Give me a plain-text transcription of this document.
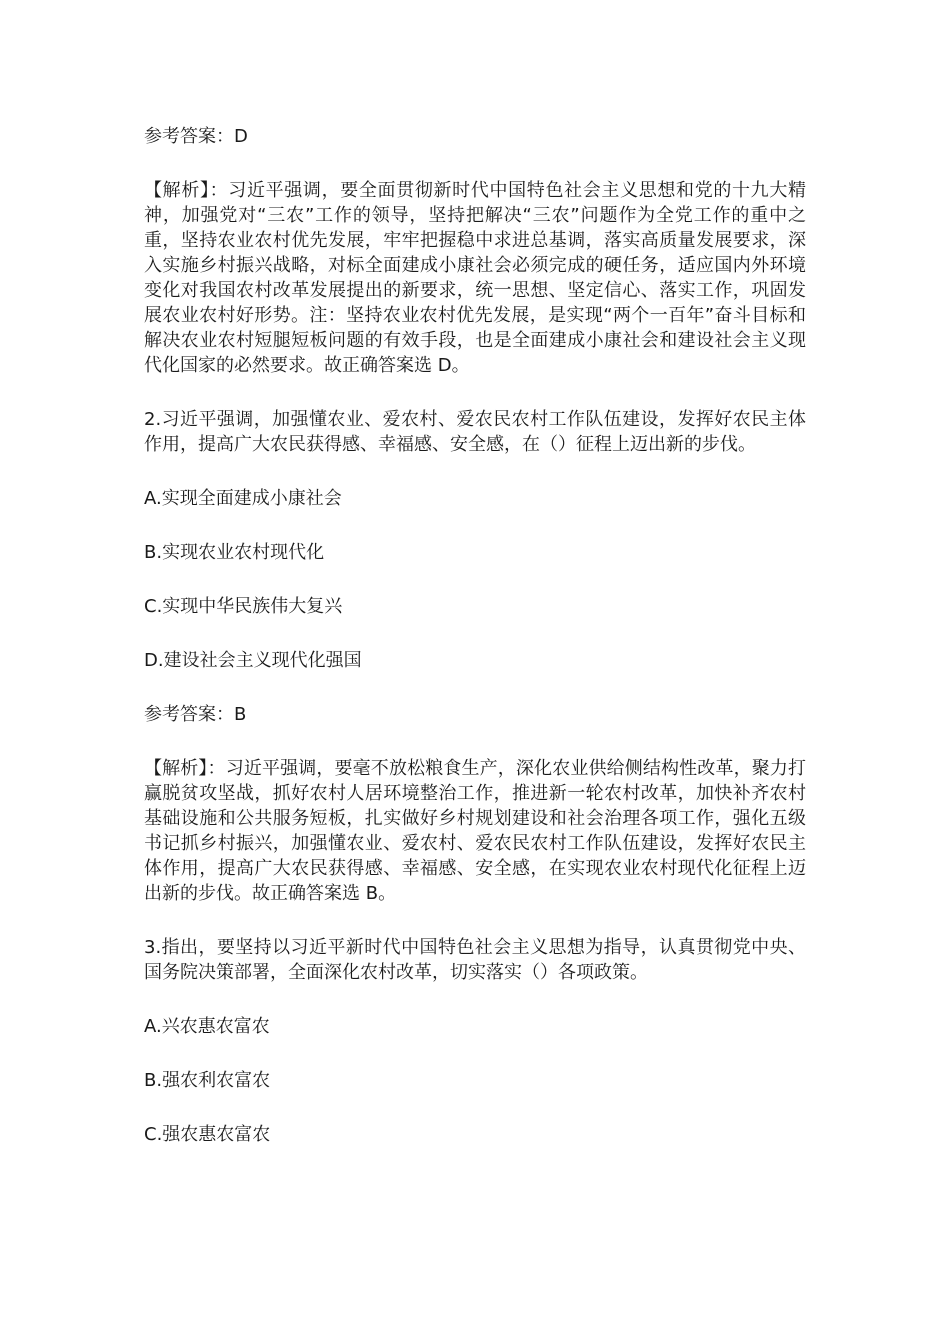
参考答案：D

【解析】：习近平强调，要全面贯彻新时代中国特色社会主义思想和党的十九大精神，加强党对“三农”工作的领导，坚持把解决“三农”问题作为全党工作的重中之重，坚持农业农村优先发展，牢牢把握稳中求进总基调，落实高质量发展要求，深入实施乡村振兴战略，对标全面建成小康社会必须完成的硬任务，适应国内外环境变化对我国农村改革发展提出的新要求，统一思想、坚定信心、落实工作，巩固发展农业农村好形势。注：坚持农业农村优先发展，是实现“两个一百年”奋斗目标和解决农业农村短腿短板问题的有效手段，也是全面建成小康社会和建设社会主义现代化国家的必然要求。故正确答案选 D。

2.习近平强调，加强懂农业、爱农村、爱农民农村工作队伍建设，发挥好农民主体作用，提高广大农民获得感、幸福感、安全感，在（）征程上迈出新的步伐。

A.实现全面建成小康社会

B.实现农业农村现代化

C.实现中华民族伟大复兴

D.建设社会主义现代化强国

参考答案：B

【解析】：习近平强调，要毫不放松粮食生产，深化农业供给侧结构性改革，聚力打赢脱贫攻坚战，抓好农村人居环境整治工作，推进新一轮农村改革，加快补齐农村基础设施和公共服务短板，扎实做好乡村规划建设和社会治理各项工作，强化五级书记抓乡村振兴，加强懂农业、爱农村、爱农民农村工作队伍建设，发挥好农民主体作用，提高广大农民获得感、幸福感、安全感，在实现农业农村现代化征程上迈出新的步伐。故正确答案选 B。

3.指出，要坚持以习近平新时代中国特色社会主义思想为指导，认真贯彻党中央、国务院决策部署，全面深化农村改革，切实落实（）各项政策。

A.兴农惠农富农

B.强农利农富农

C.强农惠农富农
